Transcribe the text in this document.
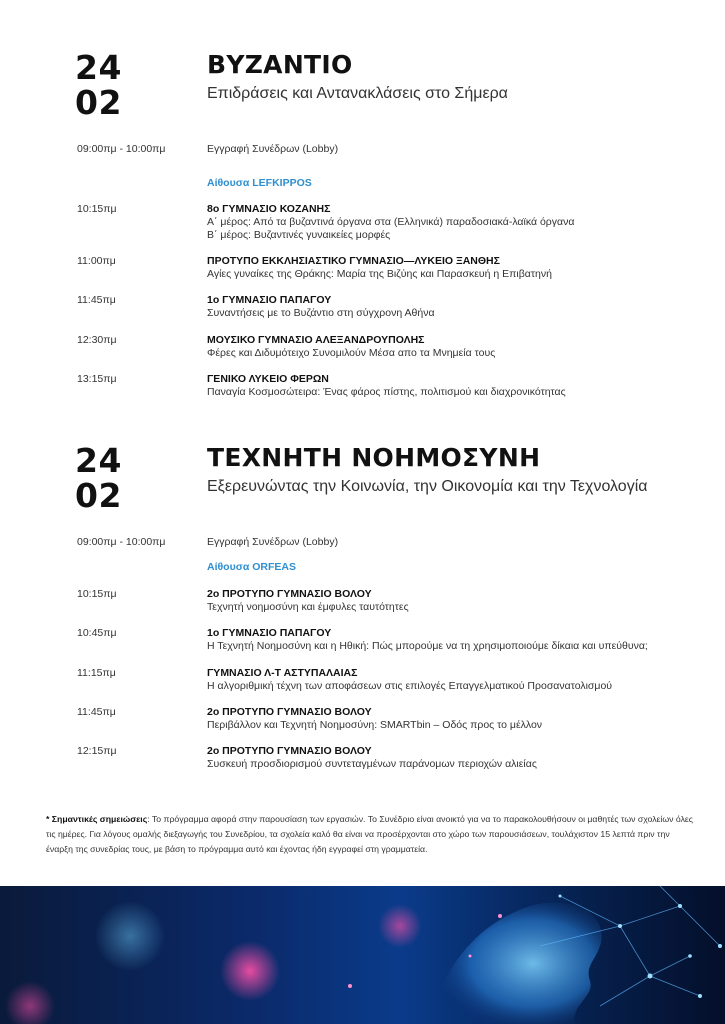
24
02
ΒΥΖΑΝΤΙΟ
Επιδράσεις και Αντανακλάσεις στο Σήμερα
09:00πμ - 10:00πμ	Εγγραφή Συνέδρων (Lobby)
Αίθουσα LEFKIPPOS
10:15πμ	8ο ΓΥΜΝΑΣΙΟ ΚΟΖΑΝΗΣ
Α΄ μέρος: Από τα βυζαντινά όργανα στα (Ελληνικά) παραδοσιακά-λαϊκά όργανα
Β΄ μέρος: Βυζαντινές γυναικείες μορφές
11:00πμ	ΠΡΟΤΥΠΟ ΕΚΚΛΗΣΙΑΣΤΙΚΟ ΓΥΜΝΑΣΙΟ—ΛΥΚΕΙΟ ΞΑΝΘΗΣ
Αγίες γυναίκες της Θράκης: Μαρία της Βιζύης και Παρασκευή η Επιβατηνή
11:45πμ	1ο ΓΥΜΝΑΣΙΟ ΠΑΠΑΓΟΥ
Συναντήσεις με το Βυζάντιο στη σύγχρονη Αθήνα
12:30πμ	ΜΟΥΣΙΚΟ ΓΥΜΝΑΣΙΟ ΑΛΕΞΑΝΔΡΟΥΠΟΛΗΣ
Φέρες και Διδυμότειχο Συνομιλούν Μέσα απο τα Μνημεία τους
13:15πμ	ΓΕΝΙΚΟ ΛΥΚΕΙΟ ΦΕΡΩΝ
Παναγία Κοσμοσώτειρα: Ένας φάρος πίστης, πολιτισμού και διαχρονικότητας
24
02
ΤΕΧΝΗΤΗ ΝΟΗΜΟΣΥΝΗ
Εξερευνώντας την Κοινωνία, την Οικονομία και την Τεχνολογία
09:00πμ - 10:00πμ	Εγγραφή Συνέδρων (Lobby)
Αίθουσα ORFEAS
10:15πμ	2ο ΠΡΟΤΥΠΟ ΓΥΜΝΑΣΙΟ ΒΟΛΟΥ
Τεχνητή νοημοσύνη και έμφυλες ταυτότητες
10:45πμ	1ο ΓΥΜΝΑΣΙΟ ΠΑΠΑΓΟΥ
Η Τεχνητή Νοημοσύνη και η Ηθική: Πώς μπορούμε να τη χρησιμοποιούμε δίκαια και υπεύθυνα;
11:15πμ	ΓΥΜΝΑΣΙΟ Λ-Τ ΑΣΤΥΠΑΛΑΙΑΣ
Η αλγοριθμική τέχνη των αποφάσεων στις επιλογές Επαγγελματικού Προσανατολισμού
11:45πμ	2ο ΠΡΟΤΥΠΟ ΓΥΜΝΑΣΙΟ ΒΟΛΟΥ
Περιβάλλον και Τεχνητή Νοημοσύνη: SMARTbin – Οδός προς το μέλλον
12:15πμ	2ο ΠΡΟΤΥΠΟ ΓΥΜΝΑΣΙΟ ΒΟΛΟΥ
Συσκευή προσδιορισμού συντεταγμένων παράνομων περιοχών αλιείας
* Σημαντικές σημειώσεις: Το πρόγραμμα αφορά στην παρουσίαση των εργασιών. Το Συνέδριο είναι ανοικτό για να το παρακολουθήσουν οι μαθητές των σχολείων όλες τις ημέρες. Για λόγους ομαλής διεξαγωγής του Συνεδρίου, τα σχολεία καλό θα είναι να προσέρχονται στο χώρο των παρουσιάσεων, τουλάχιστον 15 λεπτά πριν την έναρξη της συνεδρίας τους, με βάση το πρόγραμμα αυτό και έχοντας ήδη εγγραφεί στη γραμματεία.
